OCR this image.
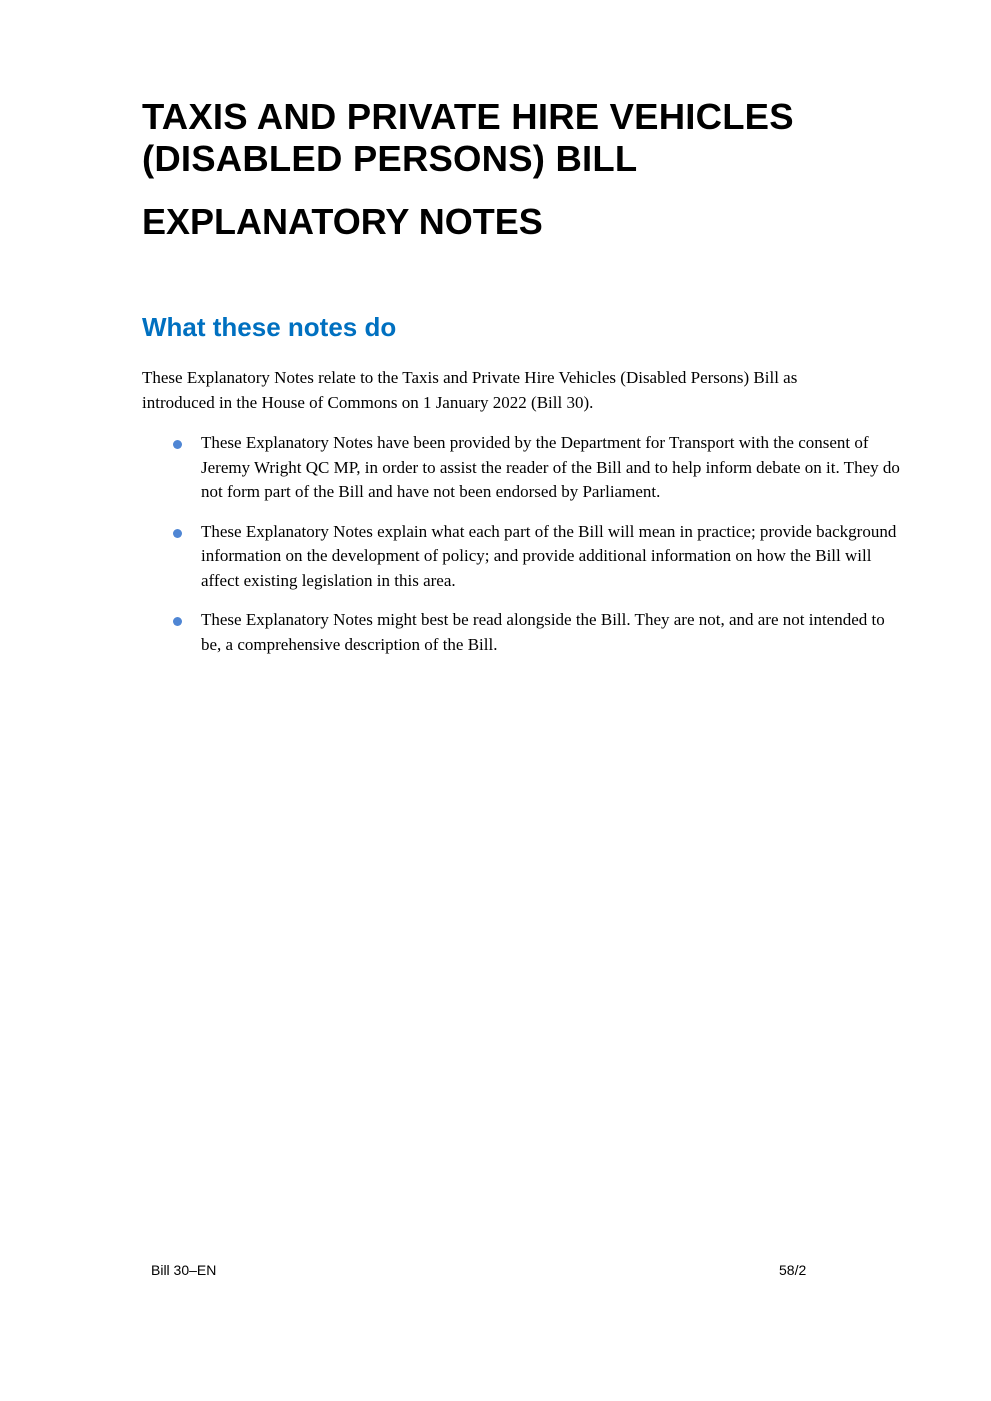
TAXIS AND PRIVATE HIRE VEHICLES
(DISABLED PERSONS) BILL
EXPLANATORY NOTES
What these notes do

These Explanatory Notes relate to the Taxis and Private Hire Vehicles (Disabled Persons) Bill as introduced in the House of Commons on 1 January 2022 (Bill 30).

These Explanatory Notes have been provided by the Department for Transport with the consent of Jeremy Wright QC MP, in order to assist the reader of the Bill and to help inform debate on it. They do not form part of the Bill and have not been endorsed by Parliament.
These Explanatory Notes explain what each part of the Bill will mean in practice; provide background information on the development of policy; and provide additional information on how the Bill will affect existing legislation in this area.
These Explanatory Notes might best be read alongside the Bill. They are not, and are not intended to be, a comprehensive description of the Bill.
Bill 30–EN	58/2
